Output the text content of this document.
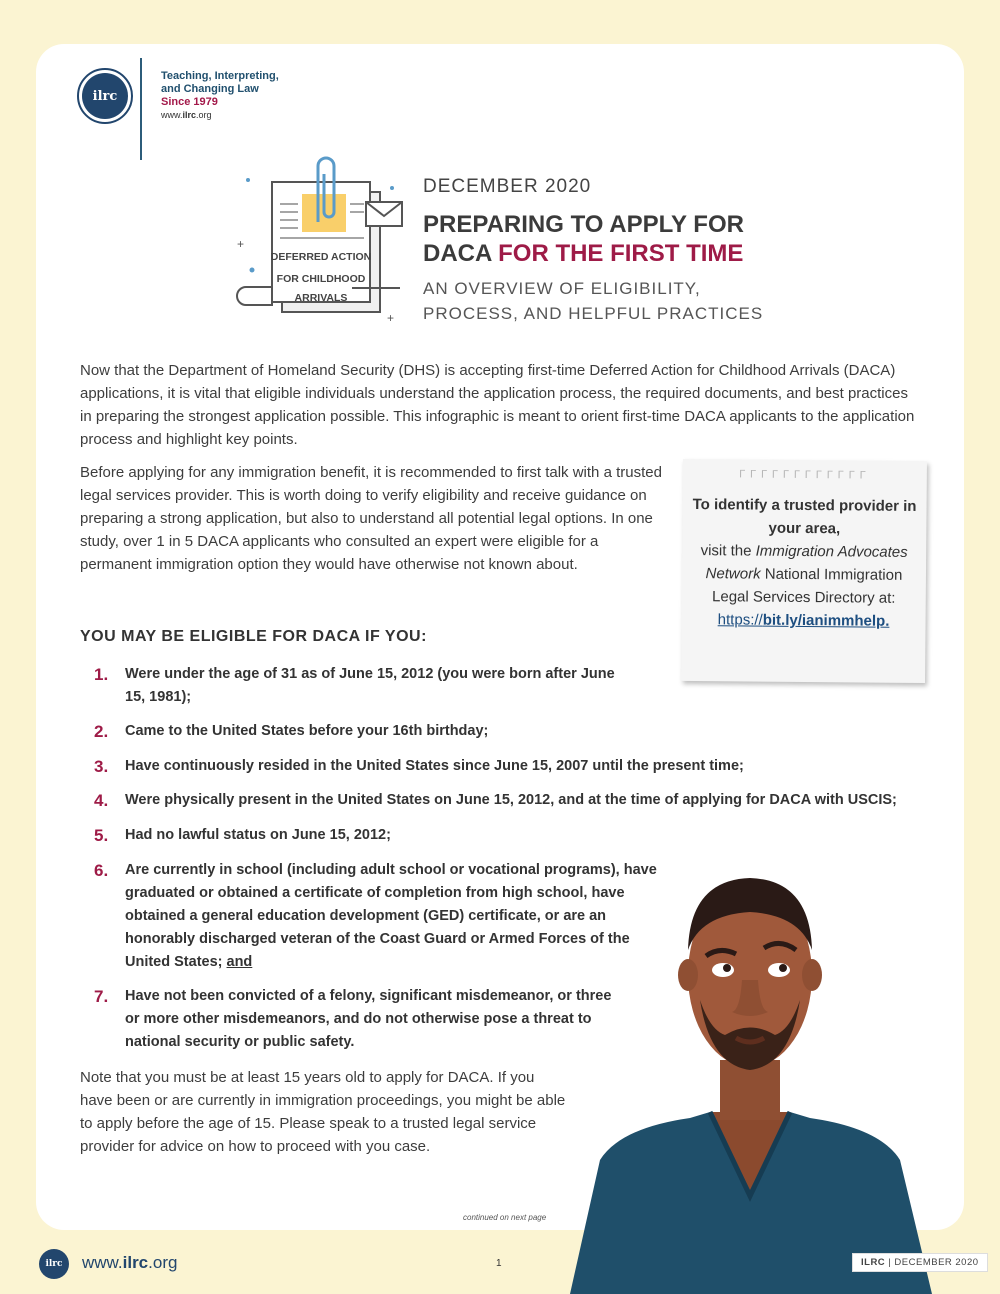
ilrc
Teaching, Interpreting,
and Changing Law
Since 1979
www.ilrc.org
DEFERRED ACTION
FOR CHILDHOOD
ARRIVALS
+
+
DECEMBER 2020
PREPARING TO APPLY FOR
DACA FOR THE FIRST TIME
AN OVERVIEW OF ELIGIBILITY,
PROCESS, AND HELPFUL PRACTICES

Now that the Department of Homeland Security (DHS) is accepting first-time Deferred Action for Childhood Arrivals (DACA) applications, it is vital that eligible individuals understand the application process, the required documents, and best practices in preparing the strongest application possible. This infographic is meant to orient first-time DACA applicants to the application process and highlight key points.

Before applying for any immigration benefit, it is recommended to first talk with a trusted legal services provider. This is worth doing to verify eligibility and receive guidance on preparing a strong application, but also to understand all potential legal options. In one study, over 1 in 5 DACA applicants who consulted an expert were eligible for a permanent immigration option they would have otherwise not known about.

ГГГГГГГГГГГГ
To identify a trusted provider in your area,
visit the Immigration Advocates Network National Immigration Legal Services Directory at:
https://bit.ly/ianimmhelp.
YOU MAY BE ELIGIBLE FOR DACA IF YOU:
1.	Were under the age of 31 as of June 15, 2012 (you were born after June 15, 1981);
2.	Came to the United States before your 16th birthday;
3.	Have continuously resided in the United States since June 15, 2007 until the present time;
4.	Were physically present in the United States on June 15, 2012, and at the time of applying for DACA with USCIS;
5.	Had no lawful status on June 15, 2012;
6.	Are currently in school (including adult school or vocational programs), have graduated or obtained a certificate of completion from high school, have obtained a general education development (GED) certificate, or are an honorably discharged veteran of the Coast Guard or Armed Forces of the United States; and
7.	Have not been convicted of a felony, significant misdemeanor, or three or more other misdemeanors, and do not otherwise pose a threat to national security or public safety.

Note that you must be at least 15 years old to apply for DACA. If you have been or are currently in immigration proceedings, you might be able to apply before the age of 15. Please speak to a trusted legal service provider for advice on how to proceed with you case.

continued on next page
ilrc www.ilrc.org	1	ILRC | DECEMBER 2020
